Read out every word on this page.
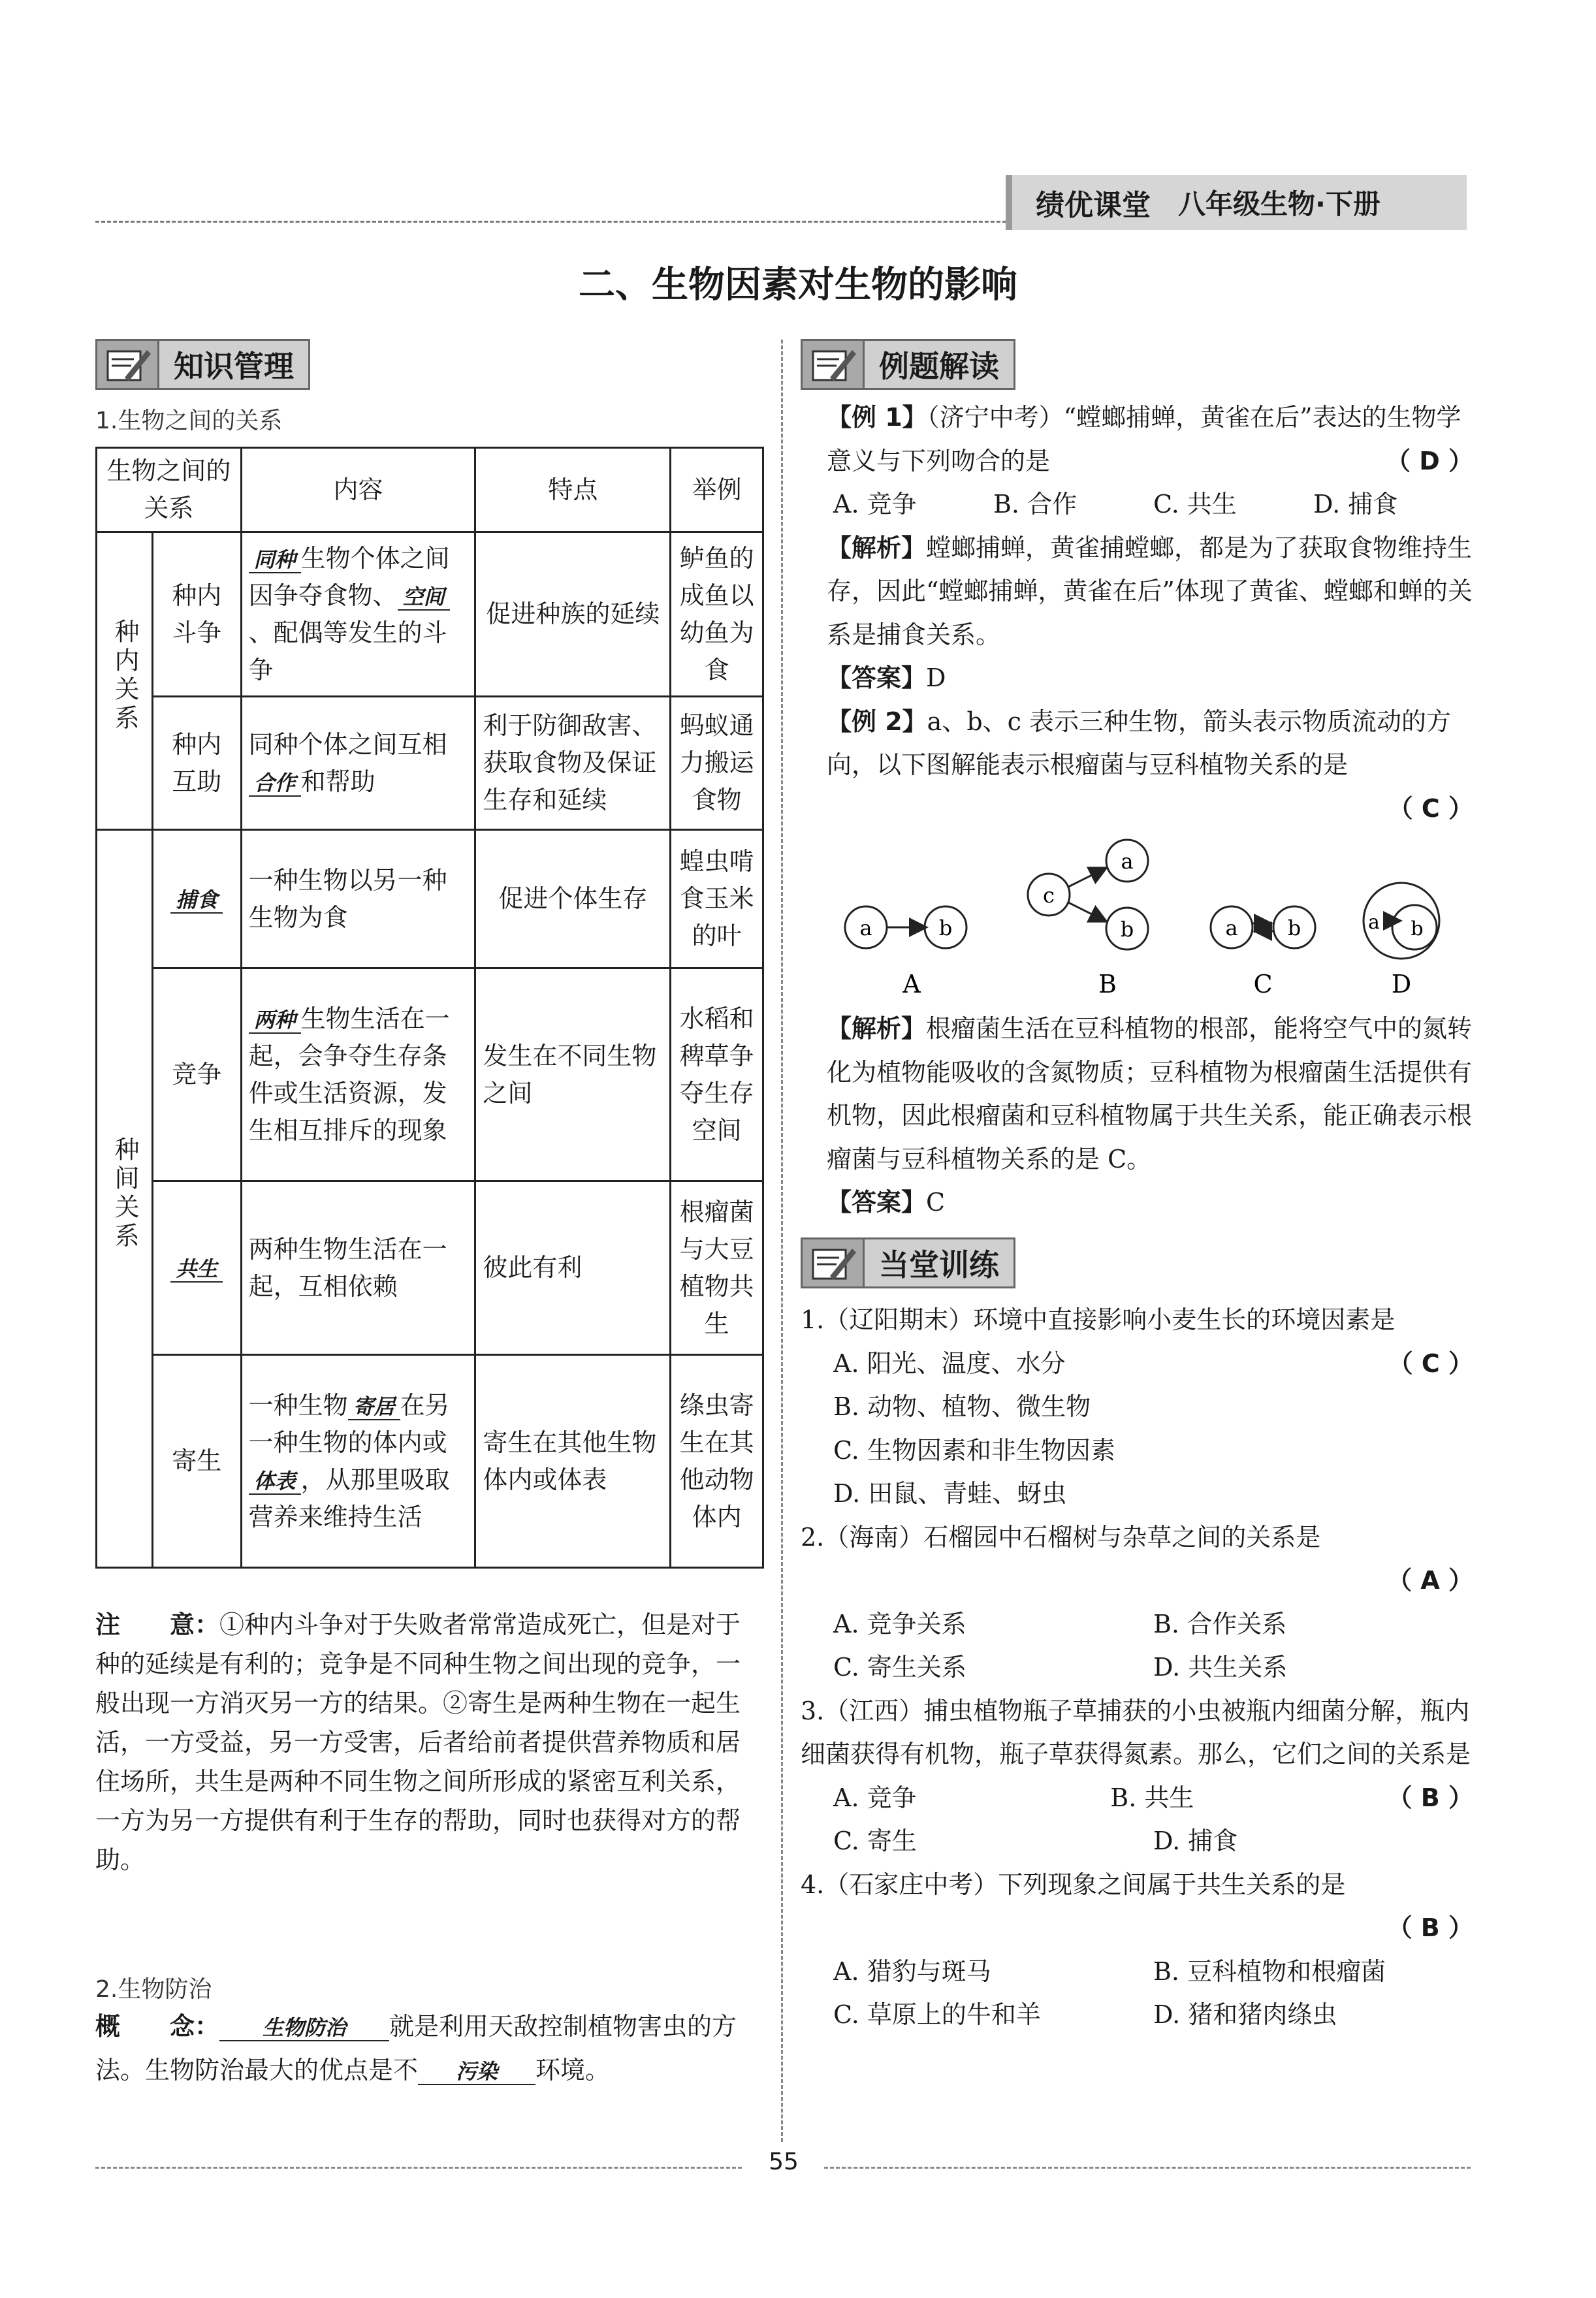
绩优课堂 八年级生物·下册
二、生物因素对生物的影响
知识管理
1.生物之间的关系
生物之间的关系		内容	特点	举例
种内关系	种内斗争	同种 生物个体之间因争夺食物、 空间、配偶等发生的斗争	促进种族的延续	鲈鱼的成鱼以幼鱼为食
	种内互助	同种个体之间互相合作 和帮助	利于防御敌害、获取食物及保证生存和延续	蚂蚁通力搬运食物
种间关系	捕食	一种生物以另一种生物为食	促进个体生存	蝗虫啃食玉米的叶
	竞争	两种 生物生活在一起，会争夺生存条件或生活资源，发生相互排斥的现象	发生在不同生物之间	水稻和稗草争夺生存空间
	共生	两种生物生活在一起，互相依赖	彼此有利	根瘤菌与大豆植物共生
	寄生	一种生物 寄居 在另一种生物的体内或体表 ，从那里吸取营养来维持生活	寄生在其他生物体内或体表	绦虫寄生在其他动物体内
注　　意：①种内斗争对于失败者常常造成死亡，但是对于种的延续是有利的；竞争是不同种生物之间出现的竞争，一般出现一方消灭另一方的结果。②寄生是两种生物在一起生活，一方受益，另一方受害，后者给前者提供营养物质和居住场所，共生是两种不同生物之间所形成的紧密互利关系，一方为另一方提供有利于生存的帮助，同时也获得对方的帮助。
2.生物防治
概　　念： 生物防治 就是利用天敌控制植物害虫的方法。生物防治最大的优点是不 污染 环境。
例题解读

【例 1】（济宁中考）“螳螂捕蝉，黄雀在后”表达的生物学意义与下列吻合的是	（ D ）

A. 竞争	B. 合作	C. 共生	D. 捕食

【解析】螳螂捕蝉，黄雀捕螳螂，都是为了获取食物维持生存，因此“螳螂捕蝉，黄雀在后”体现了黄雀、螳螂和蝉的关系是捕食关系。

【答案】D

【例 2】a、b、c 表示三种生物，箭头表示物质流动的方向，以下图解能表示根瘤菌与豆科植物关系的是

（ C ）

a	b
A
c
a
b
B
a b
C
a b
D

【解析】根瘤菌生活在豆科植物的根部，能将空气中的氮转化为植物能吸收的含氮物质；豆科植物为根瘤菌生活提供有机物，因此根瘤菌和豆科植物属于共生关系，能正确表示根瘤菌与豆科植物关系的是 C。

【答案】C

当堂训练

1.（辽阳期末）环境中直接影响小麦生长的环境因素是
（ C ）

A. 阳光、温度、水分

B. 动物、植物、微生物

C. 生物因素和非生物因素

D. 田鼠、青蛙、蚜虫

2.（海南）石榴园中石榴树与杂草之间的关系是

（ A ）

A. 竞争关系	B. 合作关系
C. 寄生关系	D. 共生关系

3.（江西）捕虫植物瓶子草捕获的小虫被瓶内细菌分解，瓶内细菌获得有机物，瓶子草获得氮素。那么，它们之间的关系是
（ B ）

A. 竞争	B. 共生
C. 寄生	D. 捕食

4.（石家庄中考）下列现象之间属于共生关系的是

（ B ）

A. 猎豹与斑马	B. 豆科植物和根瘤菌
C. 草原上的牛和羊	D. 猪和猪肉绦虫
55
